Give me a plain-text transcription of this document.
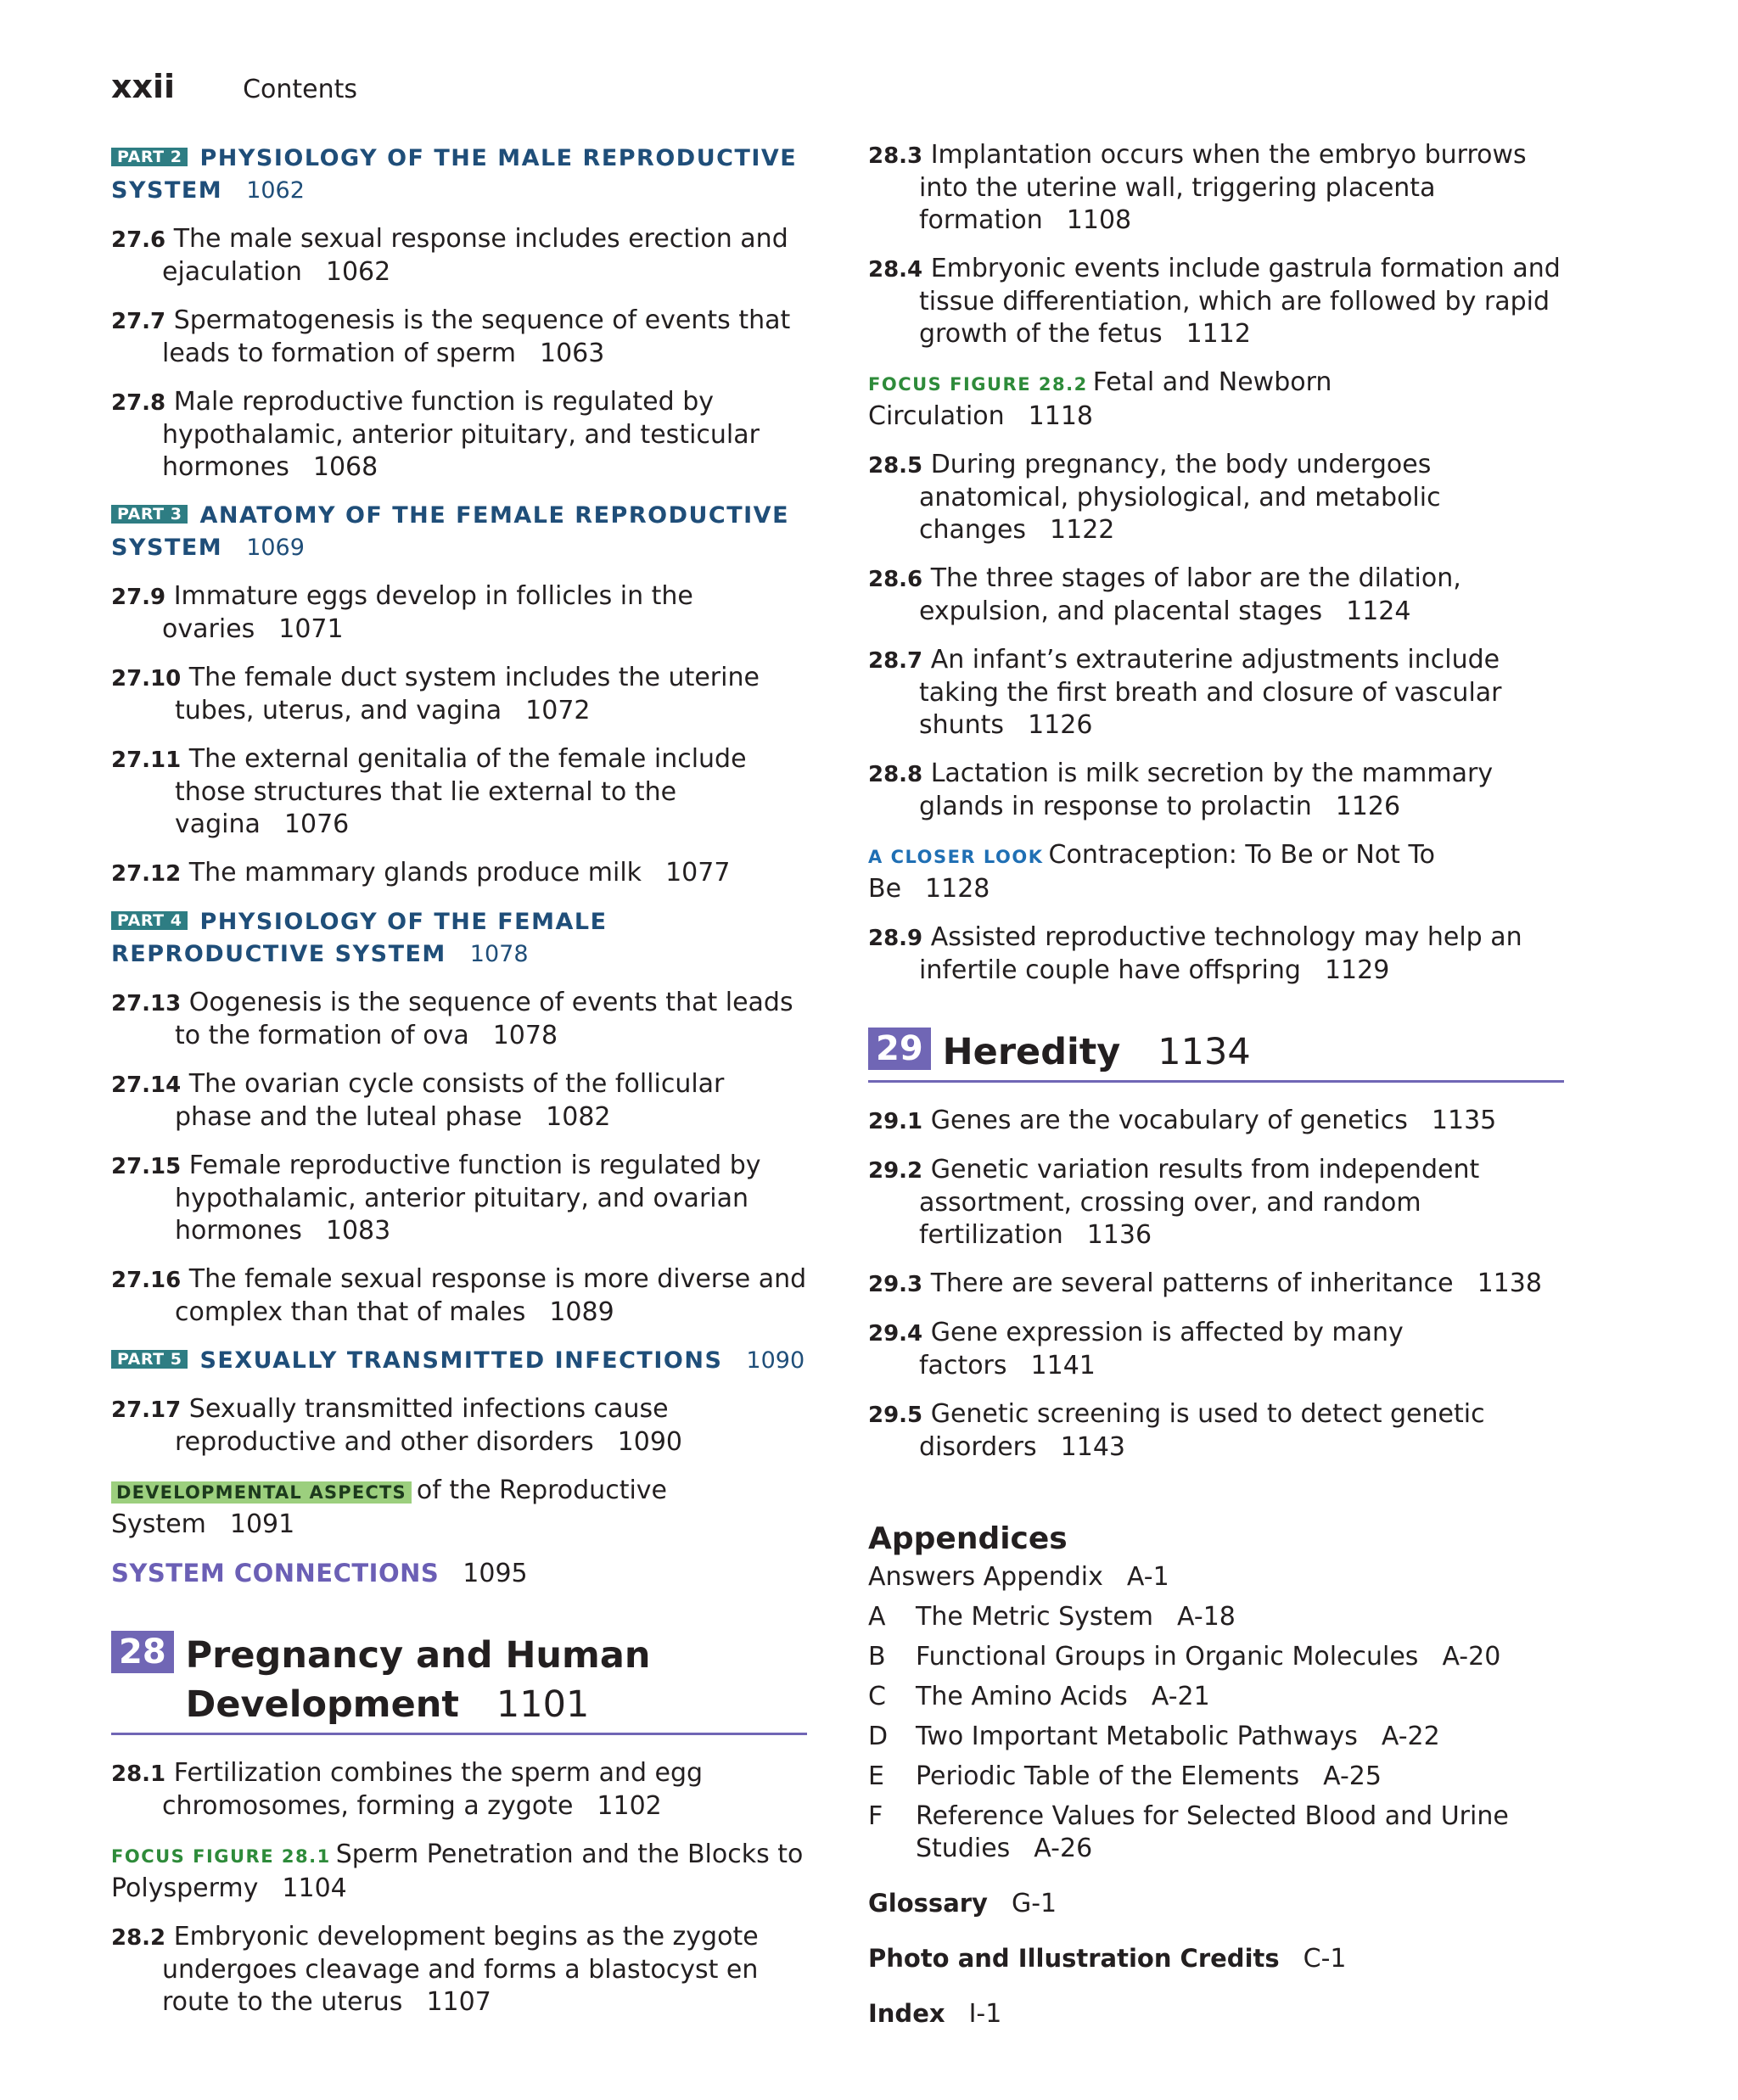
xxii	Contents
PART 2 PHYSIOLOGY OF THE MALE REPRODUCTIVE SYSTEM 1062
27.6 The male sexual response includes erection and ejaculation 1062
27.7 Spermatogenesis is the sequence of events that leads to formation of sperm 1063
27.8 Male reproductive function is regulated by hypothalamic, anterior pituitary, and testicular hormones 1068
PART 3 ANATOMY OF THE FEMALE REPRODUCTIVE SYSTEM 1069
27.9 Immature eggs develop in follicles in the ovaries 1071
27.10 The female duct system includes the uterine tubes, uterus, and vagina 1072
27.11 The external genitalia of the female include those structures that lie external to the vagina 1076
27.12 The mammary glands produce milk 1077
PART 4 PHYSIOLOGY OF THE FEMALE REPRODUCTIVE SYSTEM 1078
27.13 Oogenesis is the sequence of events that leads to the formation of ova 1078
27.14 The ovarian cycle consists of the follicular phase and the luteal phase 1082
27.15 Female reproductive function is regulated by hypothalamic, anterior pituitary, and ovarian hormones 1083
27.16 The female sexual response is more diverse and complex than that of males 1089
PART 5 SEXUALLY TRANSMITTED INFECTIONS 1090
27.17 Sexually transmitted infections cause reproductive and other disorders 1090
DEVELOPMENTAL ASPECTS of the Reproductive System 1091
SYSTEM CONNECTIONS 1095
28 Pregnancy and Human
Development 1101
28.1 Fertilization combines the sperm and egg chromosomes, forming a zygote 1102
FOCUS FIGURE 28.1 Sperm Penetration and the Blocks to Polyspermy 1104
28.2 Embryonic development begins as the zygote undergoes cleavage and forms a blastocyst en route to the uterus 1107
28.3 Implantation occurs when the embryo burrows into the uterine wall, triggering placenta formation 1108
28.4 Embryonic events include gastrula formation and tissue differentiation, which are followed by rapid growth of the fetus 1112
FOCUS FIGURE 28.2 Fetal and Newborn Circulation 1118
28.5 During pregnancy, the body undergoes anatomical, physiological, and metabolic changes 1122
28.6 The three stages of labor are the dilation, expulsion, and placental stages 1124
28.7 An infant’s extrauterine adjustments include taking the first breath and closure of vascular shunts 1126
28.8 Lactation is milk secretion by the mammary glands in response to prolactin 1126
A CLOSER LOOK Contraception: To Be or Not To Be 1128
28.9 Assisted reproductive technology may help an infertile couple have offspring 1129
29 Heredity 1134
29.1 Genes are the vocabulary of genetics 1135
29.2 Genetic variation results from independent assortment, crossing over, and random fertilization 1136
29.3 There are several patterns of inheritance 1138
29.4 Gene expression is affected by many factors 1141
29.5 Genetic screening is used to detect genetic disorders 1143
Appendices
Answers Appendix A-1
A The Metric System A-18
B Functional Groups in Organic Molecules A-20
C The Amino Acids A-21
D Two Important Metabolic Pathways A-22
E Periodic Table of the Elements A-25
F Reference Values for Selected Blood and Urine Studies A-26
Glossary G-1
Photo and Illustration Credits C-1
Index I-1
